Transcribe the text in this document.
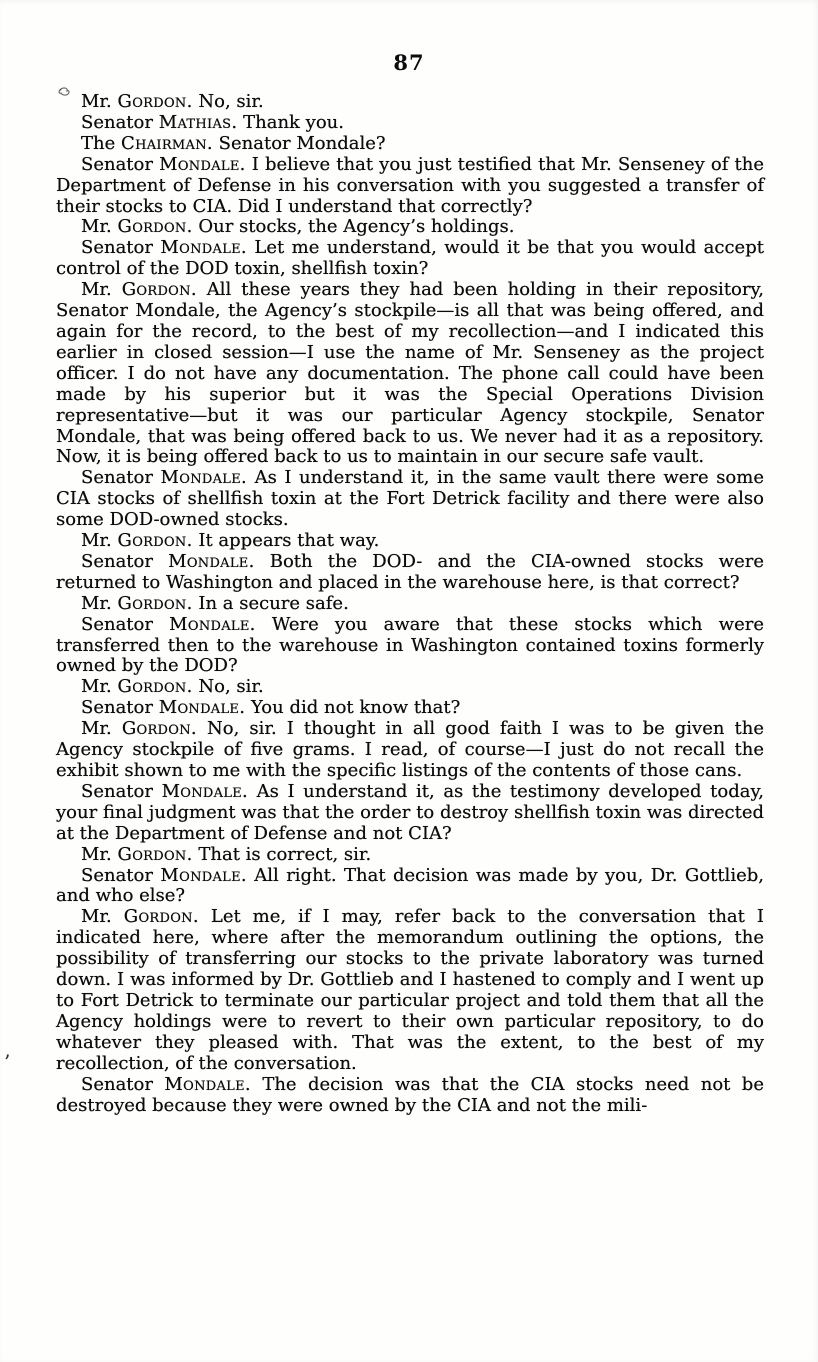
87
’

Mr. Gordon. No, sir.

Senator Mathias. Thank you.

The Chairman. Senator Mondale?

Senator Mondale. I believe that you just testified that Mr. Senseney of the Department of Defense in his conversation with you suggested a transfer of their stocks to CIA. Did I understand that correctly?

Mr. Gordon. Our stocks, the Agency’s holdings.

Senator Mondale. Let me understand, would it be that you would accept control of the DOD toxin, shellfish toxin?

Mr. Gordon. All these years they had been holding in their repository, Senator Mondale, the Agency’s stockpile—is all that was being offered, and again for the record, to the best of my recollection—and I indicated this earlier in closed session—I use the name of Mr. Senseney as the project officer. I do not have any documentation. The phone call could have been made by his superior but it was the Special Operations Division representative—but it was our particular Agency stockpile, Senator Mondale, that was being offered back to us. We never had it as a repository. Now, it is being offered back to us to maintain in our secure safe vault.

Senator Mondale. As I understand it, in the same vault there were some CIA stocks of shellfish toxin at the Fort Detrick facility and there were also some DOD-owned stocks.

Mr. Gordon. It appears that way.

Senator Mondale. Both the DOD- and the CIA-owned stocks were returned to Washington and placed in the warehouse here, is that correct?

Mr. Gordon. In a secure safe.

Senator Mondale. Were you aware that these stocks which were transferred then to the warehouse in Washington contained toxins formerly owned by the DOD?

Mr. Gordon. No, sir.

Senator Mondale. You did not know that?

Mr. Gordon. No, sir. I thought in all good faith I was to be given the Agency stockpile of five grams. I read, of course—I just do not recall the exhibit shown to me with the specific listings of the contents of those cans.

Senator Mondale. As I understand it, as the testimony developed today, your final judgment was that the order to destroy shellfish toxin was directed at the Department of Defense and not CIA?

Mr. Gordon. That is correct, sir.

Senator Mondale. All right. That decision was made by you, Dr. Gottlieb, and who else?

Mr. Gordon. Let me, if I may, refer back to the conversation that I indicated here, where after the memorandum outlining the options, the possibility of transferring our stocks to the private laboratory was turned down. I was informed by Dr. Gottlieb and I hastened to comply and I went up to Fort Detrick to terminate our particular project and told them that all the Agency holdings were to revert to their own particular repository, to do whatever they pleased with. That was the extent, to the best of my recollection, of the conversation.

Senator Mondale. The decision was that the CIA stocks need not be destroyed because they were owned by the CIA and not the mili-
